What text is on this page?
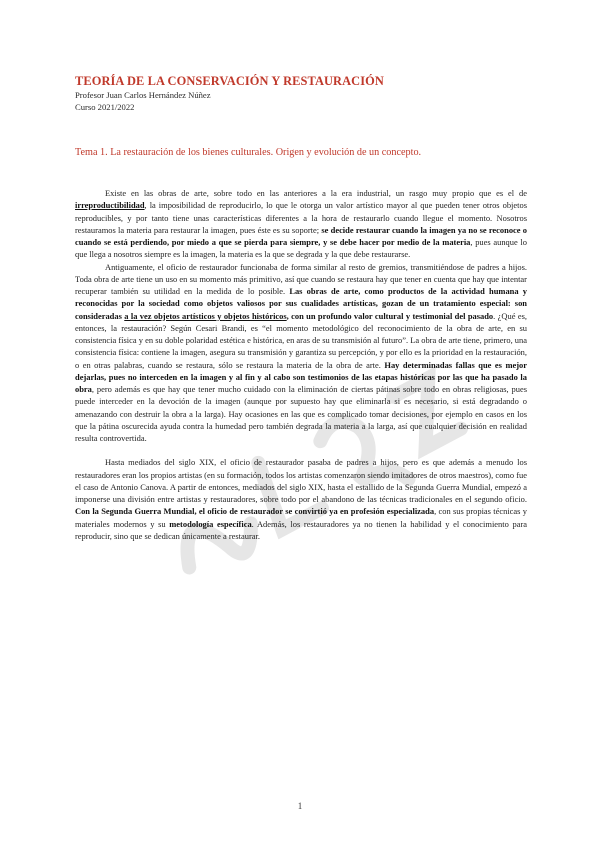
TEORÍA DE LA CONSERVACIÓN Y RESTAURACIÓN

Profesor Juan Carlos Hernández Núñez

Curso 2021/2022

Tema 1. La restauración de los bienes culturales. Origen y evolución de un concepto.

Existe en las obras de arte, sobre todo en las anteriores a la era industrial, un rasgo muy propio que es el de irreproductibilidad, la imposibilidad de reproducirlo, lo que le otorga un valor artístico mayor al que pueden tener otros objetos reproducibles, y por tanto tiene unas características diferentes a la hora de restaurarlo cuando llegue el momento. Nosotros restauramos la materia para restaurar la imagen, pues éste es su soporte; se decide restaurar cuando la imagen ya no se reconoce o cuando se está perdiendo, por miedo a que se pierda para siempre, y se debe hacer por medio de la materia, pues aunque lo que llega a nosotros siempre es la imagen, la materia es la que se degrada y la que debe restaurarse.

Antiguamente, el oficio de restaurador funcionaba de forma similar al resto de gremios, transmitiéndose de padres a hijos. Toda obra de arte tiene un uso en su momento más primitivo, así que cuando se restaura hay que tener en cuenta que hay que intentar recuperar también su utilidad en la medida de lo posible. Las obras de arte, como productos de la actividad humana y reconocidas por la sociedad como objetos valiosos por sus cualidades artísticas, gozan de un tratamiento especial: son consideradas a la vez objetos artísticos y objetos históricos, con un profundo valor cultural y testimonial del pasado. ¿Qué es, entonces, la restauración? Según Cesari Brandi, es “el momento metodológico del reconocimiento de la obra de arte, en su consistencia física y en su doble polaridad estética e histórica, en aras de su transmisión al futuro”. La obra de arte tiene, primero, una consistencia física: contiene la imagen, asegura su transmisión y garantiza su percepción, y por ello es la prioridad en la restauración, o en otras palabras, cuando se restaura, sólo se restaura la materia de la obra de arte. Hay determinadas fallas que es mejor dejarlas, pues no interceden en la imagen y al fin y al cabo son testimonios de las etapas históricas por las que ha pasado la obra, pero además es que hay que tener mucho cuidado con la eliminación de ciertas pátinas sobre todo en obras religiosas, pues puede interceder en la devoción de la imagen (aunque por supuesto hay que eliminarla si es necesario, si está degradando o amenazando con destruir la obra a la larga). Hay ocasiones en las que es complicado tomar decisiones, por ejemplo en casos en los que la pátina oscurecida ayuda contra la humedad pero también degrada la materia a la larga, así que cualquier decisión en realidad resulta controvertida.

Hasta mediados del siglo XIX, el oficio de restaurador pasaba de padres a hijos, pero es que además a menudo los restauradores eran los propios artistas (en su formación, todos los artistas comenzaron siendo imitadores de otros maestros), como fue el caso de Antonio Canova. A partir de entonces, mediados del siglo XIX, hasta el estallido de la Segunda Guerra Mundial, empezó a imponerse una división entre artistas y restauradores, sobre todo por el abandono de las técnicas tradicionales en el segundo oficio. Con la Segunda Guerra Mundial, el oficio de restaurador se convirtió ya en profesión especializada, con sus propias técnicas y materiales modernos y su metodología específica. Además, los restauradores ya no tienen la habilidad y el conocimiento para reproducir, sino que se dedican únicamente a restaurar.

1
